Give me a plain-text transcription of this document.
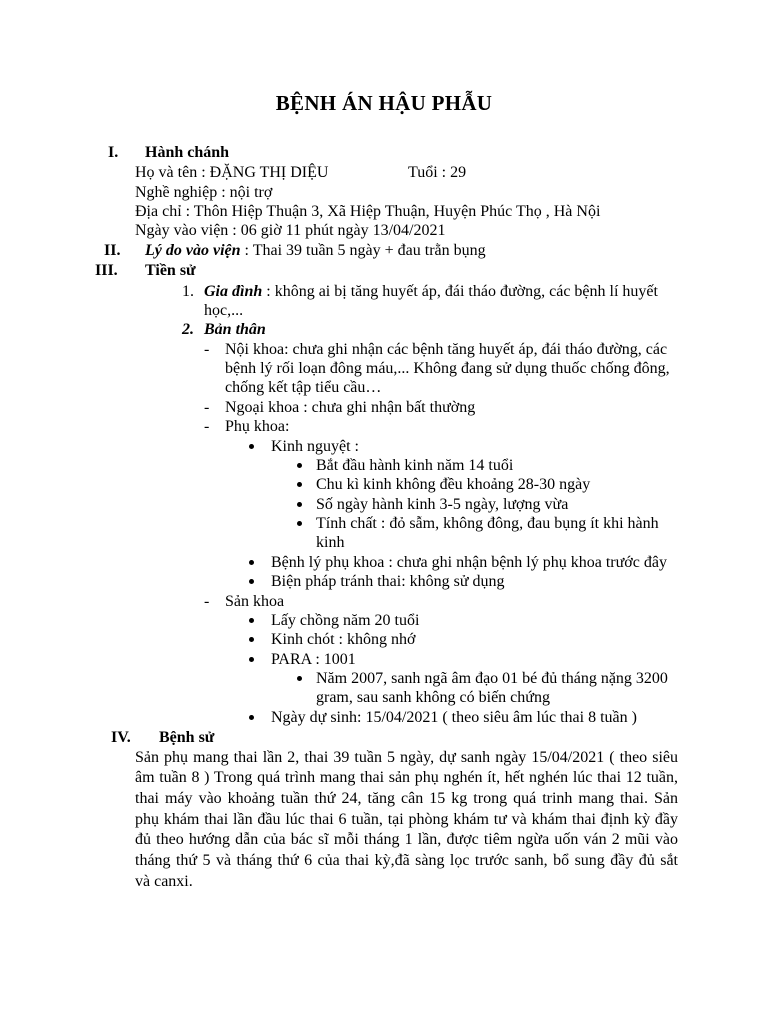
BỆNH ÁN HẬU PHẪU
I. Hành chánh
Họ và tên : ĐẶNG THỊ DIỆU	Tuổi : 29
Nghề nghiệp : nội trợ
Địa chỉ : Thôn Hiệp Thuận 3, Xã Hiệp Thuận, Huyện Phúc Thọ , Hà Nội
Ngày vào viện : 06 giờ 11 phút ngày 13/04/2021
II. Lý do vào viện : Thai 39 tuần 5 ngày + đau trằn bụng
III. Tiền sử
1. Gia đình : không ai bị tăng huyết áp, đái tháo đường, các bệnh lí huyết
học,...
2. Bản thân
- Nội khoa: chưa ghi nhận các bệnh tăng huyết áp, đái tháo đường, các
bệnh lý rối loạn đông máu,... Không đang sử dụng thuốc chống đông,
chống kết tập tiểu cầu…
- Ngoại khoa : chưa ghi nhận bất thường
- Phụ khoa:
Kinh nguyệt :
Bắt đầu hành kinh năm 14 tuổi
Chu kì kinh không đều khoảng 28-30 ngày
Số ngày hành kinh 3-5 ngày, lượng vừa
Tính chất : đỏ sẫm, không đông, đau bụng ít khi hành
kinh
Bệnh lý phụ khoa : chưa ghi nhận bệnh lý phụ khoa trước đây
Biện pháp tránh thai: không sử dụng
- Sản khoa
Lấy chồng năm 20 tuổi
Kinh chót : không nhớ
PARA : 1001
Năm 2007, sanh ngã âm đạo 01 bé đủ tháng nặng 3200
gram, sau sanh không có biến chứng
Ngày dự sinh: 15/04/2021 ( theo siêu âm lúc thai 8 tuần )
IV. Bệnh sử
Sản phụ mang thai lần 2, thai 39 tuần 5 ngày, dự sanh ngày 15/04/2021 ( theo siêu
âm tuần 8 ) Trong quá trình mang thai sản phụ nghén ít, hết nghén lúc thai 12 tuần,
thai máy vào khoảng tuần thứ 24, tăng cân 15 kg trong quá trinh mang thai. Sản
phụ khám thai lần đầu lúc thai 6 tuần, tại phòng khám tư và khám thai định kỳ đầy
đủ theo hướng dẫn của bác sĩ mỗi tháng 1 lần, được tiêm ngừa uốn ván 2 mũi vào
tháng thứ 5 và tháng thứ 6 của thai kỳ,đã sàng lọc trước sanh, bổ sung đầy đủ sắt
và canxi.
